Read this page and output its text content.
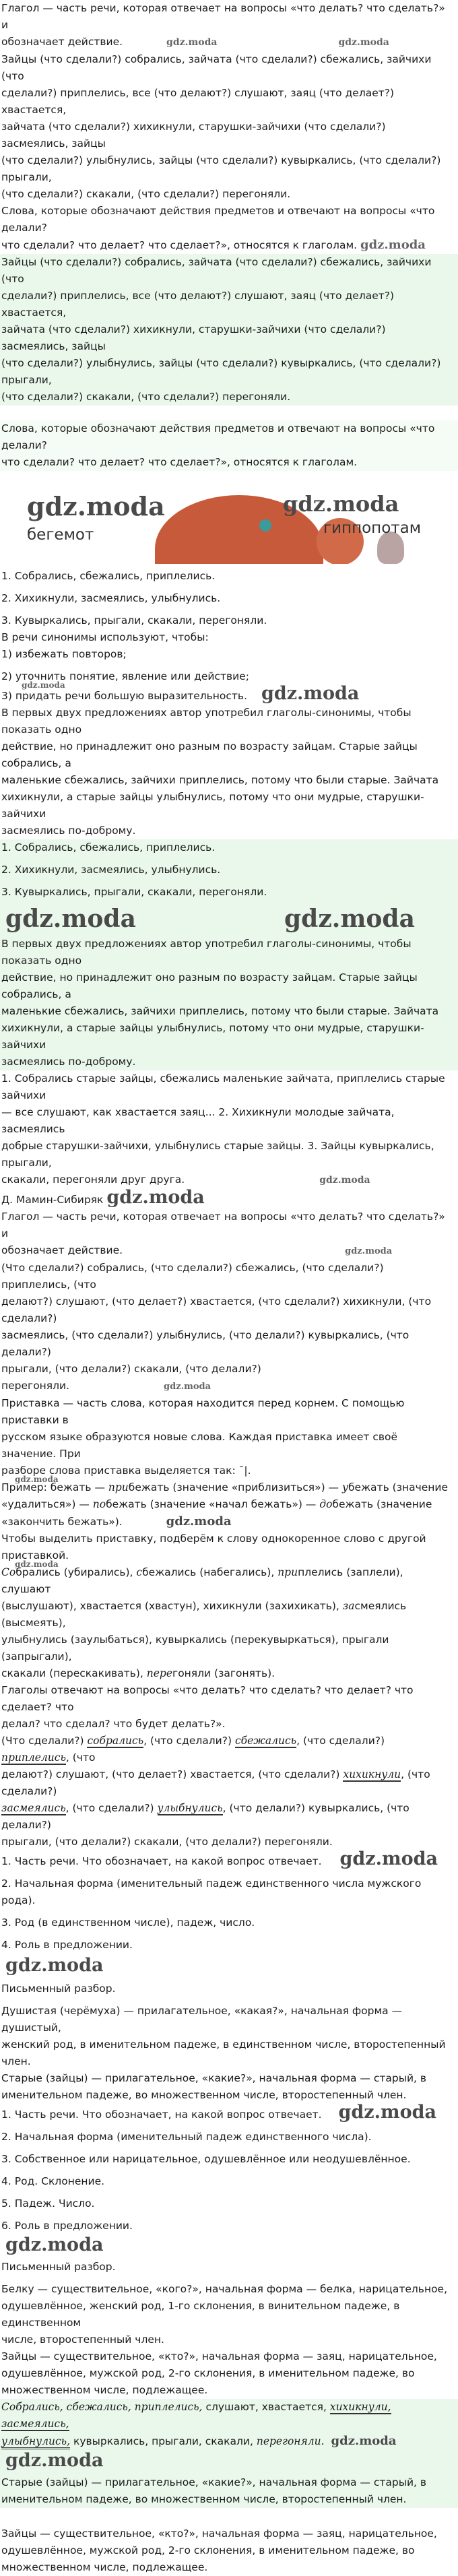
Глагол — часть речи, которая отвечает на вопросы «что делать? что сделать?» и

обозначает действие.	gdz.moda	gdz.moda

Зайцы (что сделали?) собрались, зайчата (что сделали?) сбежались, зайчихи (что

сделали?) приплелись, все (что делают?) слушают, заяц (что делает?) хвастается,

зайчата (что сделали?) хихикнули, старушки-зайчихи (что сделали?) засмеялись, зайцы

(что сделали?) улыбнулись, зайцы (что сделали?) кувыркались, (что сделали?) прыгали,

(что сделали?) скакали, (что сделали?) перегоняли.

Слова, которые обозначают действия предметов и отвечают на вопросы «что делали?

что сделали? что делает? что сделает?», относятся к глаголам. gdz.moda

Зайцы (что сделали?) собрались, зайчата (что сделали?) сбежались, зайчихи (что

сделали?) приплелись, все (что делают?) слушают, заяц (что делает?) хвастается,

зайчата (что сделали?) хихикнули, старушки-зайчихи (что сделали?) засмеялись, зайцы

(что сделали?) улыбнулись, зайцы (что сделали?) кувыркались, (что сделали?) прыгали,

(что сделали?) скакали, (что сделали?) перегоняли.

Слова, которые обозначают действия предметов и отвечают на вопросы «что делали?

что сделали? что делает? что сделает?», относятся к глаголам.

gdz.moda
бегемот
gdz.moda
гиппопотам

1. Собрались, сбежались, приплелись.

2. Хихикнули, засмеялись, улыбнулись.

3. Кувыркались, прыгали, скакали, перегоняли.

В речи синонимы используют, чтобы:

1) избежать повторов;

2) уточнить понятие, явление или действие;

gdz.moda
3) придать речи большую выразительность. gdz.moda

В первых двух предложениях автор употребил глаголы-синонимы, чтобы показать одно

действие, но принадлежит оно разным по возрасту зайцам. Старые зайцы собрались, а

маленькие сбежались, зайчихи приплелись, потому что были старые. Зайчата

хихикнули, а старые зайцы улыбнулись, потому что они мудрые, старушки-зайчихи

засмеялись по-доброму.

1. Собрались, сбежались, приплелись.

2. Хихикнули, засмеялись, улыбнулись.

3. Кувыркались, прыгали, скакали, перегоняли.

gdz.moda	gdz.moda

В первых двух предложениях автор употребил глаголы-синонимы, чтобы показать одно

действие, но принадлежит оно разным по возрасту зайцам. Старые зайцы собрались, а

маленькие сбежались, зайчихи приплелись, потому что были старые. Зайчата

хихикнули, а старые зайцы улыбнулись, потому что они мудрые, старушки-зайчихи

засмеялись по-доброму.

1. Собрались старые зайцы, сбежались маленькие зайчата, приплелись старые зайчихи

— все слушают, как хвастается заяц... 2. Хихикнули молодые зайчата, засмеялись

добрые старушки-зайчихи, улыбнулись старые зайцы. 3. Зайцы кувыркались, прыгали,

скакали, перегоняли друг друга.	gdz.moda

Д. Мамин-Сибиряк gdz.moda

Глагол — часть речи, которая отвечает на вопросы «что делать? что сделать?» и

обозначает действие.	gdz.moda

(Что сделали?) собрались, (что сделали?) сбежались, (что сделали?) приплелись, (что

делают?) слушают, (что делает?) хвастается, (что сделали?) хихикнули, (что сделали?)

засмеялись, (что сделали?) улыбнулись, (что делали?) кувыркались, (что делали?)

прыгали, (что делали?) скакали, (что делали?) перегоняли.	gdz.moda

Приставка — часть слова, которая находится перед корнем. С помощью приставки в

русском языке образуются новые слова. Каждая приставка имеет своё значение. При

разборе слова приставка выделяется так: ¯|.

gdz.moda
Пример: бежать — прибежать (значение «приблизиться») — убежать (значение

«удалиться») — побежать (значение «начал бежать») — добежать (значение

«закончить бежать»).	gdz.moda

Чтобы выделить приставку, подберём к слову однокоренное слово с другой приставкой.

gdz.moda
Собрались (убирались), сбежались (набегались), приплелись (заплели), слушают

(выслушают), хвастается (хвастун), хихикнули (захихикать), засмеялись (высмеять),

улыбнулись (заулыбаться), кувыркались (перекувыркаться), прыгали (запрыгали),

скакали (перескакивать), перегоняли (загонять).

Глаголы отвечают на вопросы «что делать? что сделать? что делает? что сделает? что

делал? что сделал? что будет делать?».

(Что сделали?) собрались, (что сделали?) сбежались, (что сделали?) приплелись, (что

делают?) слушают, (что делает?) хвастается, (что сделали?) хихикнули, (что сделали?)

засмеялись, (что сделали?) улыбнулись, (что делали?) кувыркались, (что делали?)

прыгали, (что делали?) скакали, (что делали?) перегоняли.

1. Часть речи. Что обозначает, на какой вопрос отвечает. gdz.moda

2. Начальная форма (именительный падеж единственного числа мужского рода).

3. Род (в единственном числе), падеж, число.

4. Роль в предложении.

gdz.moda

Письменный разбор.

Душистая (черёмуха) — прилагательное, «какая?», начальная форма — душистый,

женский род, в именительном падеже, в единственном числе, второстепенный член.

Старые (зайцы) — прилагательное, «какие?», начальная форма — старый, в

именительном падеже, во множественном числе, второстепенный член.

1. Часть речи. Что обозначает, на какой вопрос отвечает. gdz.moda

2. Начальная форма (именительный падеж единственного числа).

3. Собственное или нарицательное, одушевлённое или неодушевлённое.

4. Род. Склонение.

5. Падеж. Число.

6. Роль в предложении.

gdz.moda

Письменный разбор.

Белку — существительное, «кого?», начальная форма — белка, нарицательное,

одушевлённое, женский род, 1-го склонения, в винительном падеже, в единственном

числе, второстепенный член.

Зайцы — существительное, «кто?», начальная форма — заяц, нарицательное,

одушевлённое, мужской род, 2-го склонения, в именительном падеже, во

множественном числе, подлежащее.

Собрались, сбежались, приплелись, слушают, хвастается, хихикнули, засмеялись,

улыбнулись, кувыркались, прыгали, скакали, перегоняли. gdz.moda

gdz.moda

Старые (зайцы) — прилагательное, «какие?», начальная форма — старый, в

именительном падеже, во множественном числе, второстепенный член.

Зайцы — существительное, «кто?», начальная форма — заяц, нарицательное,

одушевлённое, мужской род, 2-го склонения, в именительном падеже, во

множественном числе, подлежащее.
